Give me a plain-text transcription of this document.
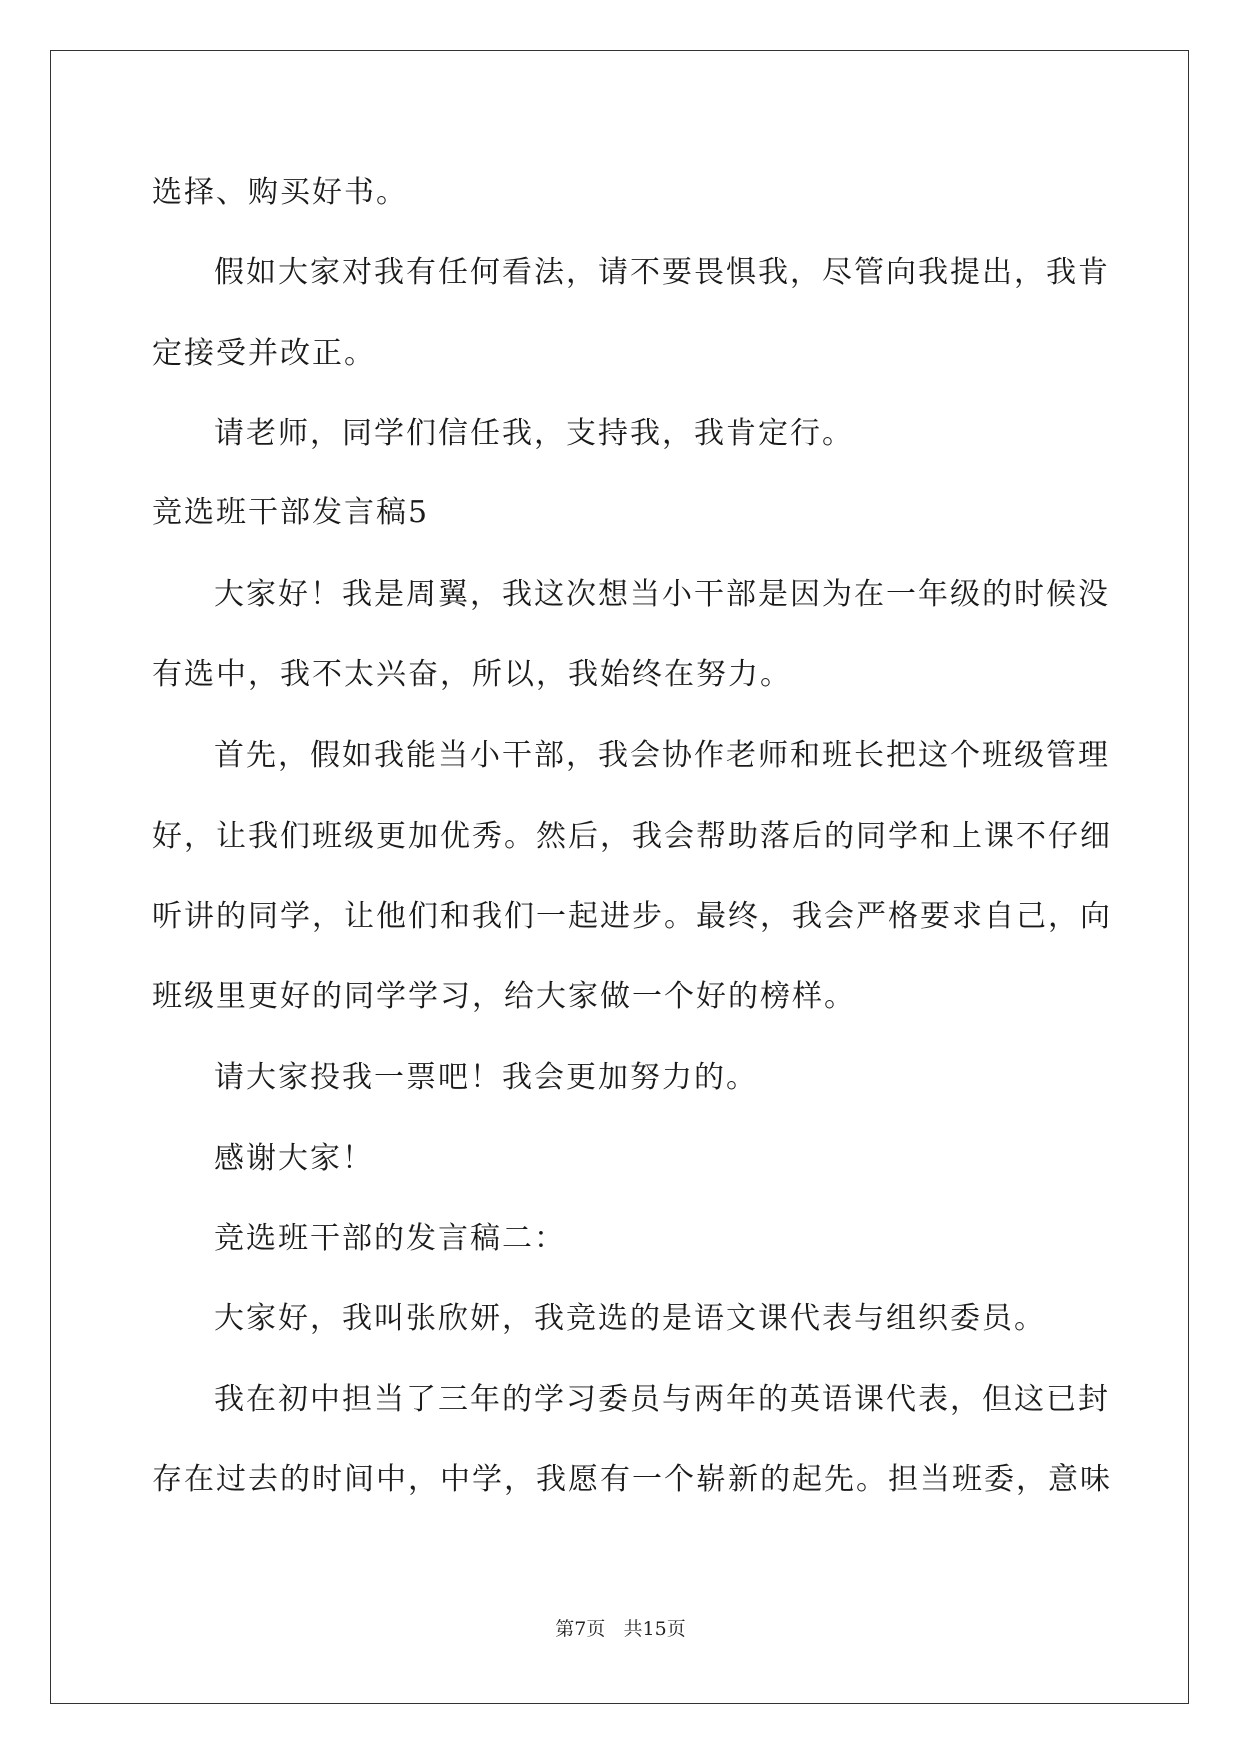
选择、购买好书。
假如大家对我有任何看法，请不要畏惧我，尽管向我提出，我肯
定接受并改正。
请老师，同学们信任我，支持我，我肯定行。
竞选班干部发言稿5
大家好！我是周翼，我这次想当小干部是因为在一年级的时候没
有选中，我不太兴奋，所以，我始终在努力。
首先，假如我能当小干部，我会协作老师和班长把这个班级管理
好，让我们班级更加优秀。然后，我会帮助落后的同学和上课不仔细
听讲的同学，让他们和我们一起进步。最终，我会严格要求自己，向
班级里更好的同学学习，给大家做一个好的榜样。
请大家投我一票吧！我会更加努力的。
感谢大家！
竞选班干部的发言稿二：
大家好，我叫张欣妍，我竞选的是语文课代表与组织委员。
我在初中担当了三年的学习委员与两年的英语课代表，但这已封
存在过去的时间中，中学，我愿有一个崭新的起先。担当班委，意味
第7页 共15页
